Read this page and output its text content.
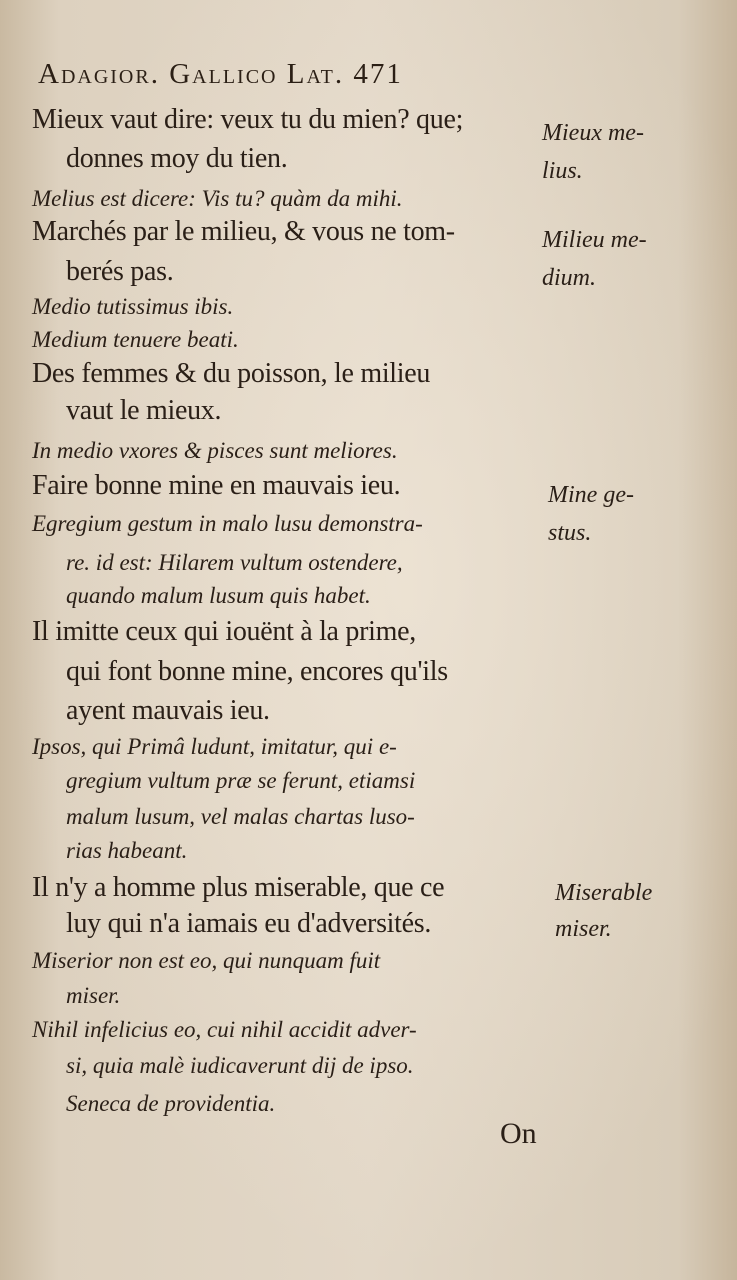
Adagior. Gallico Lat. 471
Mieux vaut dire: veux tu du mien? que;
donnes moy du tien.
Melius est dicere: Vis tu? quàm da mihi.
Marchés par le milieu, & vous ne tom-
berés pas.
Medio tutissimus ibis.
Medium tenuere beati.
Des femmes & du poisson, le milieu
vaut le mieux.
In medio vxores & pisces sunt meliores.
Faire bonne mine en mauvais ieu.
Egregium gestum in malo lusu demonstra-
re. id est: Hilarem vultum ostendere,
quando malum lusum quis habet.
Il imitte ceux qui iouënt à la prime,
qui font bonne mine, encores qu'ils
ayent mauvais ieu.
Ipsos, qui Primâ ludunt, imitatur, qui e-
gregium vultum præ se ferunt, etiamsi
malum lusum, vel malas chartas luso-
rias habeant.
Il n'y a homme plus miserable, que ce
luy qui n'a iamais eu d'adversités.
Miserior non est eo, qui nunquam fuit
miser.
Nihil infelicius eo, cui nihil accidit adver-
si, quia malè iudicaverunt dij de ipso.
Seneca de providentia.
Mieux me-
lius.
Milieu me-
dium.
Mine ge-
stus.
Miserable
miser.
On
